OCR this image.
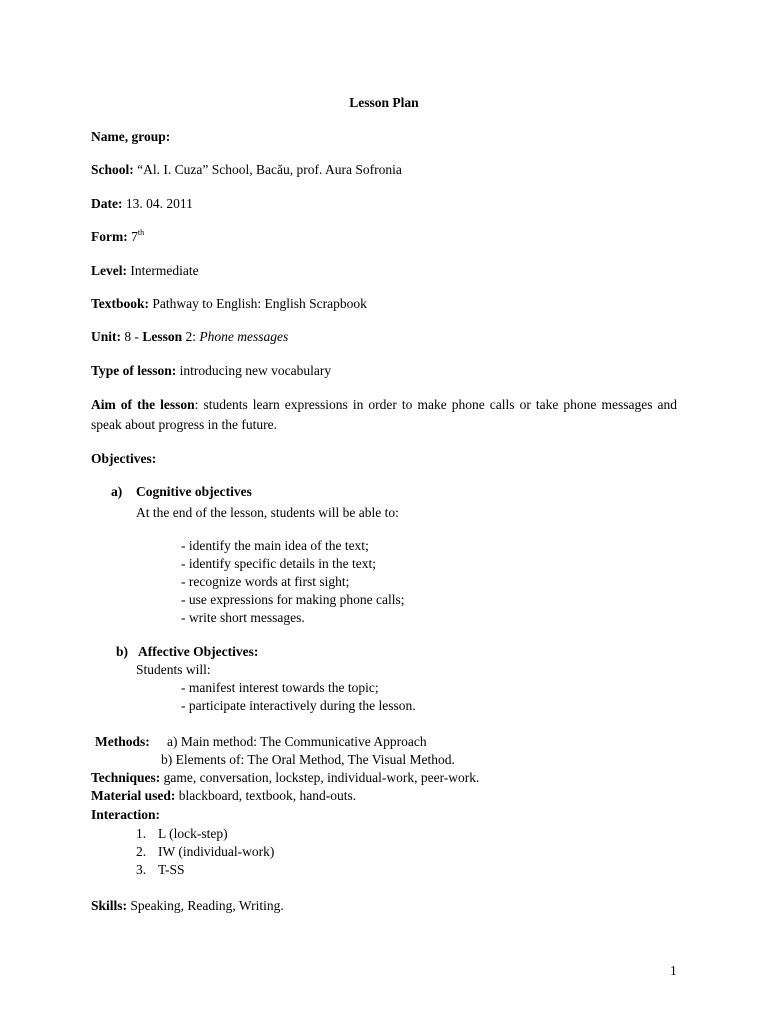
Lesson Plan
Name, group:
School: “Al. I. Cuza” School, Bacău, prof. Aura Sofronia
Date: 13. 04. 2011
Form: 7th
Level: Intermediate
Textbook: Pathway to English: English Scrapbook
Unit: 8 - Lesson 2: Phone messages
Type of lesson: introducing new vocabulary
Aim of the lesson: students learn expressions in order to make phone calls or take phone messages and speak about progress in the future.
Objectives:
a) Cognitive objectives
At the end of the lesson, students will be able to:
- identify the main idea of the text;
- identify specific details in the text;
- recognize words at first sight;
- use expressions for making phone calls;
- write short messages.
b) Affective Objectives:
Students will:
- manifest interest towards the topic;
- participate interactively during the lesson.
Methods: a) Main method: The Communicative Approach
b) Elements of: The Oral Method, The Visual Method.
Techniques: game, conversation, lockstep, individual-work, peer-work.
Material used: blackboard, textbook, hand-outs.
Interaction:
1. L (lock-step)
2. IW (individual-work)
3. T-SS
Skills: Speaking, Reading, Writing.
1
